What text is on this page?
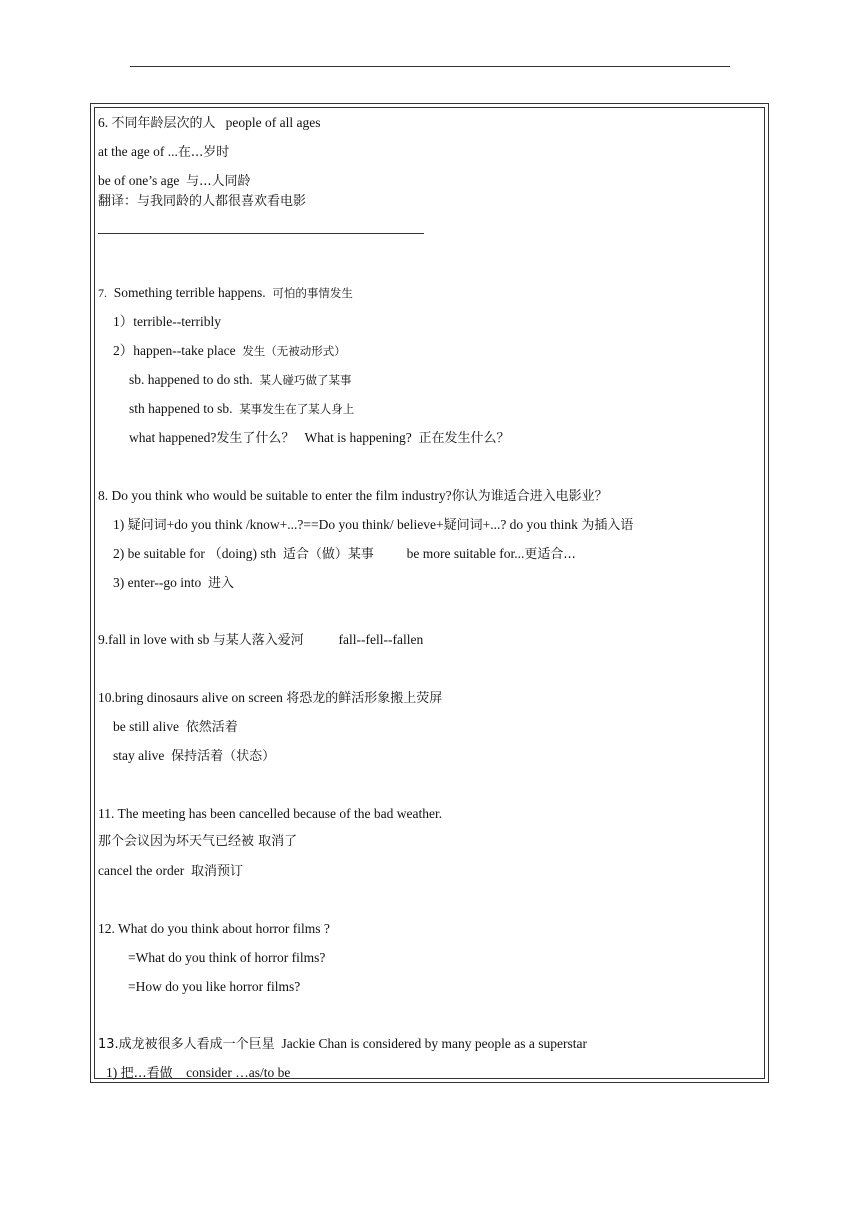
6. 不同年龄层次的人 people of all ages
at the age of ...在...岁时
be of one’s age 与...人同龄
翻译：与我同龄的人都很喜欢看电影
7. Something terrible happens. 可怕的事情发生
1）terrible--terribly
2）happen--take place 发生（无被动形式）
sb. happened to do sth. 某人碰巧做了某事
sth happened to sb. 某事发生在了某人身上
what happened?发生了什么？ What is happening? 正在发生什么？
8. Do you think who would be suitable to enter the film industry?你认为谁适合进入电影业？
1) 疑问词+do you think /know+...?==Do you think/ believe+疑问词+...? do you think 为插入语
2) be suitable for （doing) sth 适合（做）某事 be more suitable for...更适合...
3) enter--go into 进入
9.fall in love with sb 与某人落入爱河	fall--fell--fallen
10.bring dinosaurs alive on screen 将恐龙的鲜活形象搬上荧屏
be still alive 依然活着
stay alive 保持活着（状态）
11. The meeting has been cancelled because of the bad weather.
那个会议因为坏天气已经被 取消了
cancel the order 取消预订
12. What do you think about horror films ?
=What do you think of horror films?
=How do you like horror films?
13.成龙被很多人看成一个巨星 Jackie Chan is considered by many people as a superstar
1) 把…看做 consider …as/to be
